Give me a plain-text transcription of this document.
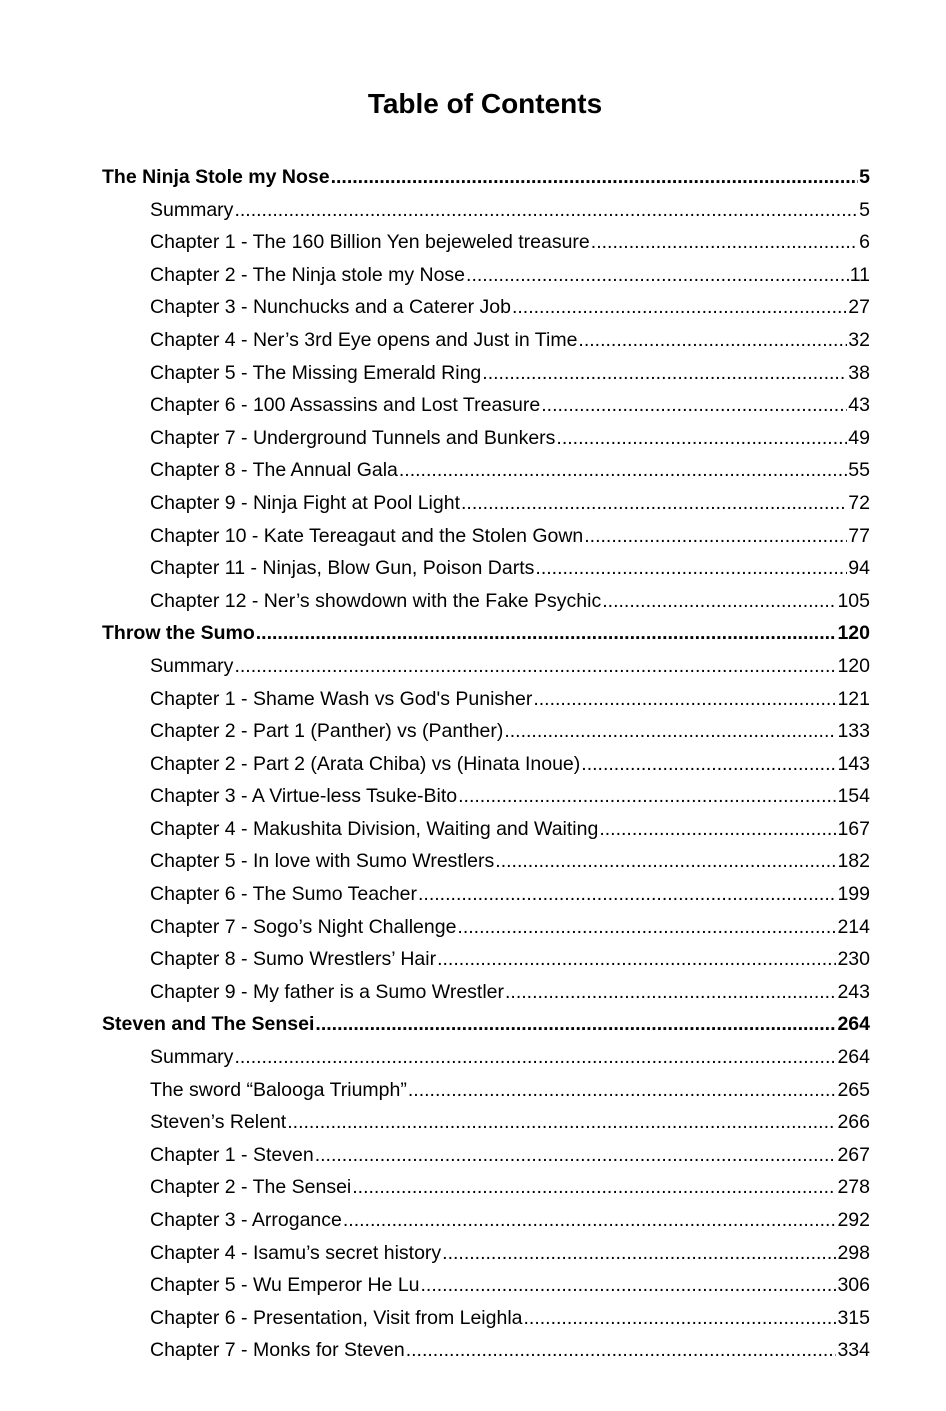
Table of Contents
The Ninja Stole my Nose .....	5
Summary .....	5
Chapter 1 - The 160 Billion Yen bejeweled treasure .....	6
Chapter 2 - The Ninja stole my Nose .....	11
Chapter 3 - Nunchucks and a Caterer Job .....	27
Chapter 4 - Ner’s 3rd Eye opens and Just in Time .....	32
Chapter 5 - The Missing Emerald Ring .....	38
Chapter 6 - 100 Assassins and Lost Treasure .....	43
Chapter 7 - Underground Tunnels and Bunkers .....	49
Chapter 8 - The Annual Gala .....	55
Chapter 9 - Ninja Fight at Pool Light .....	72
Chapter 10 - Kate Tereagaut and the Stolen Gown .....	77
Chapter 11 - Ninjas, Blow Gun, Poison Darts .....	94
Chapter 12 - Ner’s showdown with the Fake Psychic .....	105
Throw the Sumo .....	120
Summary .....	120
Chapter 1 - Shame Wash vs God's Punisher .....	121
Chapter 2 - Part 1 (Panther) vs (Panther) .....	133
Chapter 2 - Part 2 (Arata Chiba) vs (Hinata Inoue) .....	143
Chapter 3 - A Virtue-less Tsuke-Bito .....	154
Chapter 4 - Makushita Division, Waiting and Waiting .....	167
Chapter 5 - In love with Sumo Wrestlers .....	182
Chapter 6 - The Sumo Teacher .....	199
Chapter 7 - Sogo’s Night Challenge .....	214
Chapter 8 - Sumo Wrestlers’ Hair .....	230
Chapter 9 - My father is a Sumo Wrestler .....	243
Steven and The Sensei .....	264
Summary .....	264
The sword “Balooga Triumph” .....	265
Steven’s Relent .....	266
Chapter 1 - Steven .....	267
Chapter 2 - The Sensei .....	278
Chapter 3 - Arrogance .....	292
Chapter 4 - Isamu’s secret history .....	298
Chapter 5 - Wu Emperor He Lu .....	306
Chapter 6 - Presentation, Visit from Leighla .....	315
Chapter 7 - Monks for Steven .....	334
